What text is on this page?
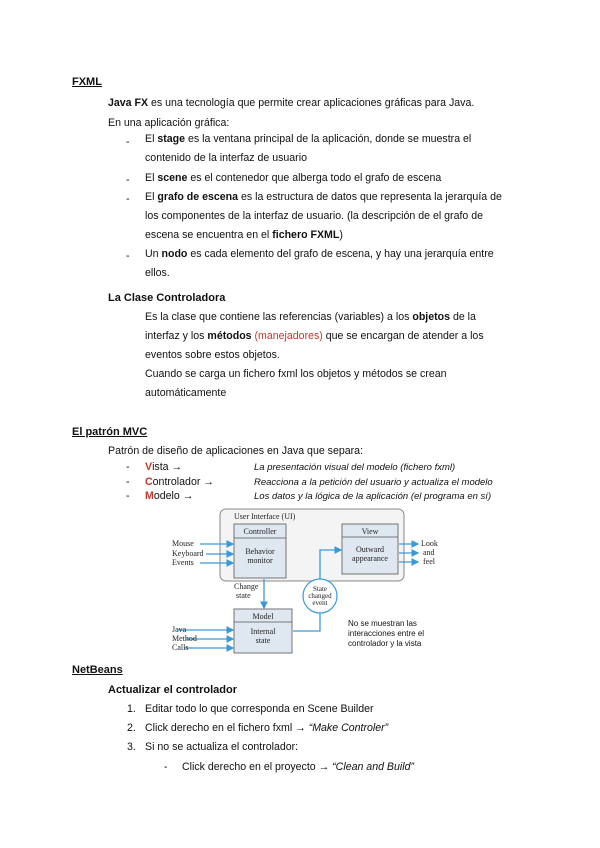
FXML
Java FX es una tecnología que permite crear aplicaciones gráficas para Java.
En una aplicación gráfica:
- El stage es la ventana principal de la aplicación, donde se muestra el
contenido de la interfaz de usuario
- El scene es el contenedor que alberga todo el grafo de escena
- El grafo de escena es la estructura de datos que representa la jerarquía de
los componentes de la interfaz de usuario. (la descripción de el grafo de
escena se encuentra en el fichero FXML)
- Un nodo es cada elemento del grafo de escena, y hay una jerarquía entre
ellos.
La Clase Controladora
Es la clase que contiene las referencias (variables) a los objetos de la
interfaz y los métodos (manejadores) que se encargan de atender a los
eventos sobre estos objetos.
Cuando se carga un fichero fxml los objetos y métodos se crean
automáticamente
El patrón MVC
Patrón de diseño de aplicaciones en Java que separa:
- Vista →	La presentación visual del modelo (fichero fxml)
- Controlador →	Reacciona a la petición del usuario y actualiza el modelo
- Modelo →	Los datos y la lógica de la aplicación (el programa en sí)
User Interface (UI)
Controller
Behavior
monitor
View
Outward
appearance
Mouse
Keyboard
Events
Look
and
feel
Change
state
State
changed
event
Model
Internal
state
Java
Method
Calls
No se muestran las
interacciones entre el
controlador y la vista
NetBeans
Actualizar el controlador
1. Editar todo lo que corresponda en Scene Builder
2. Click derecho en el fichero fxml → “Make Controler”
3. Si no se actualiza el controlador:
- Click derecho en el proyecto → “Clean and Build”
